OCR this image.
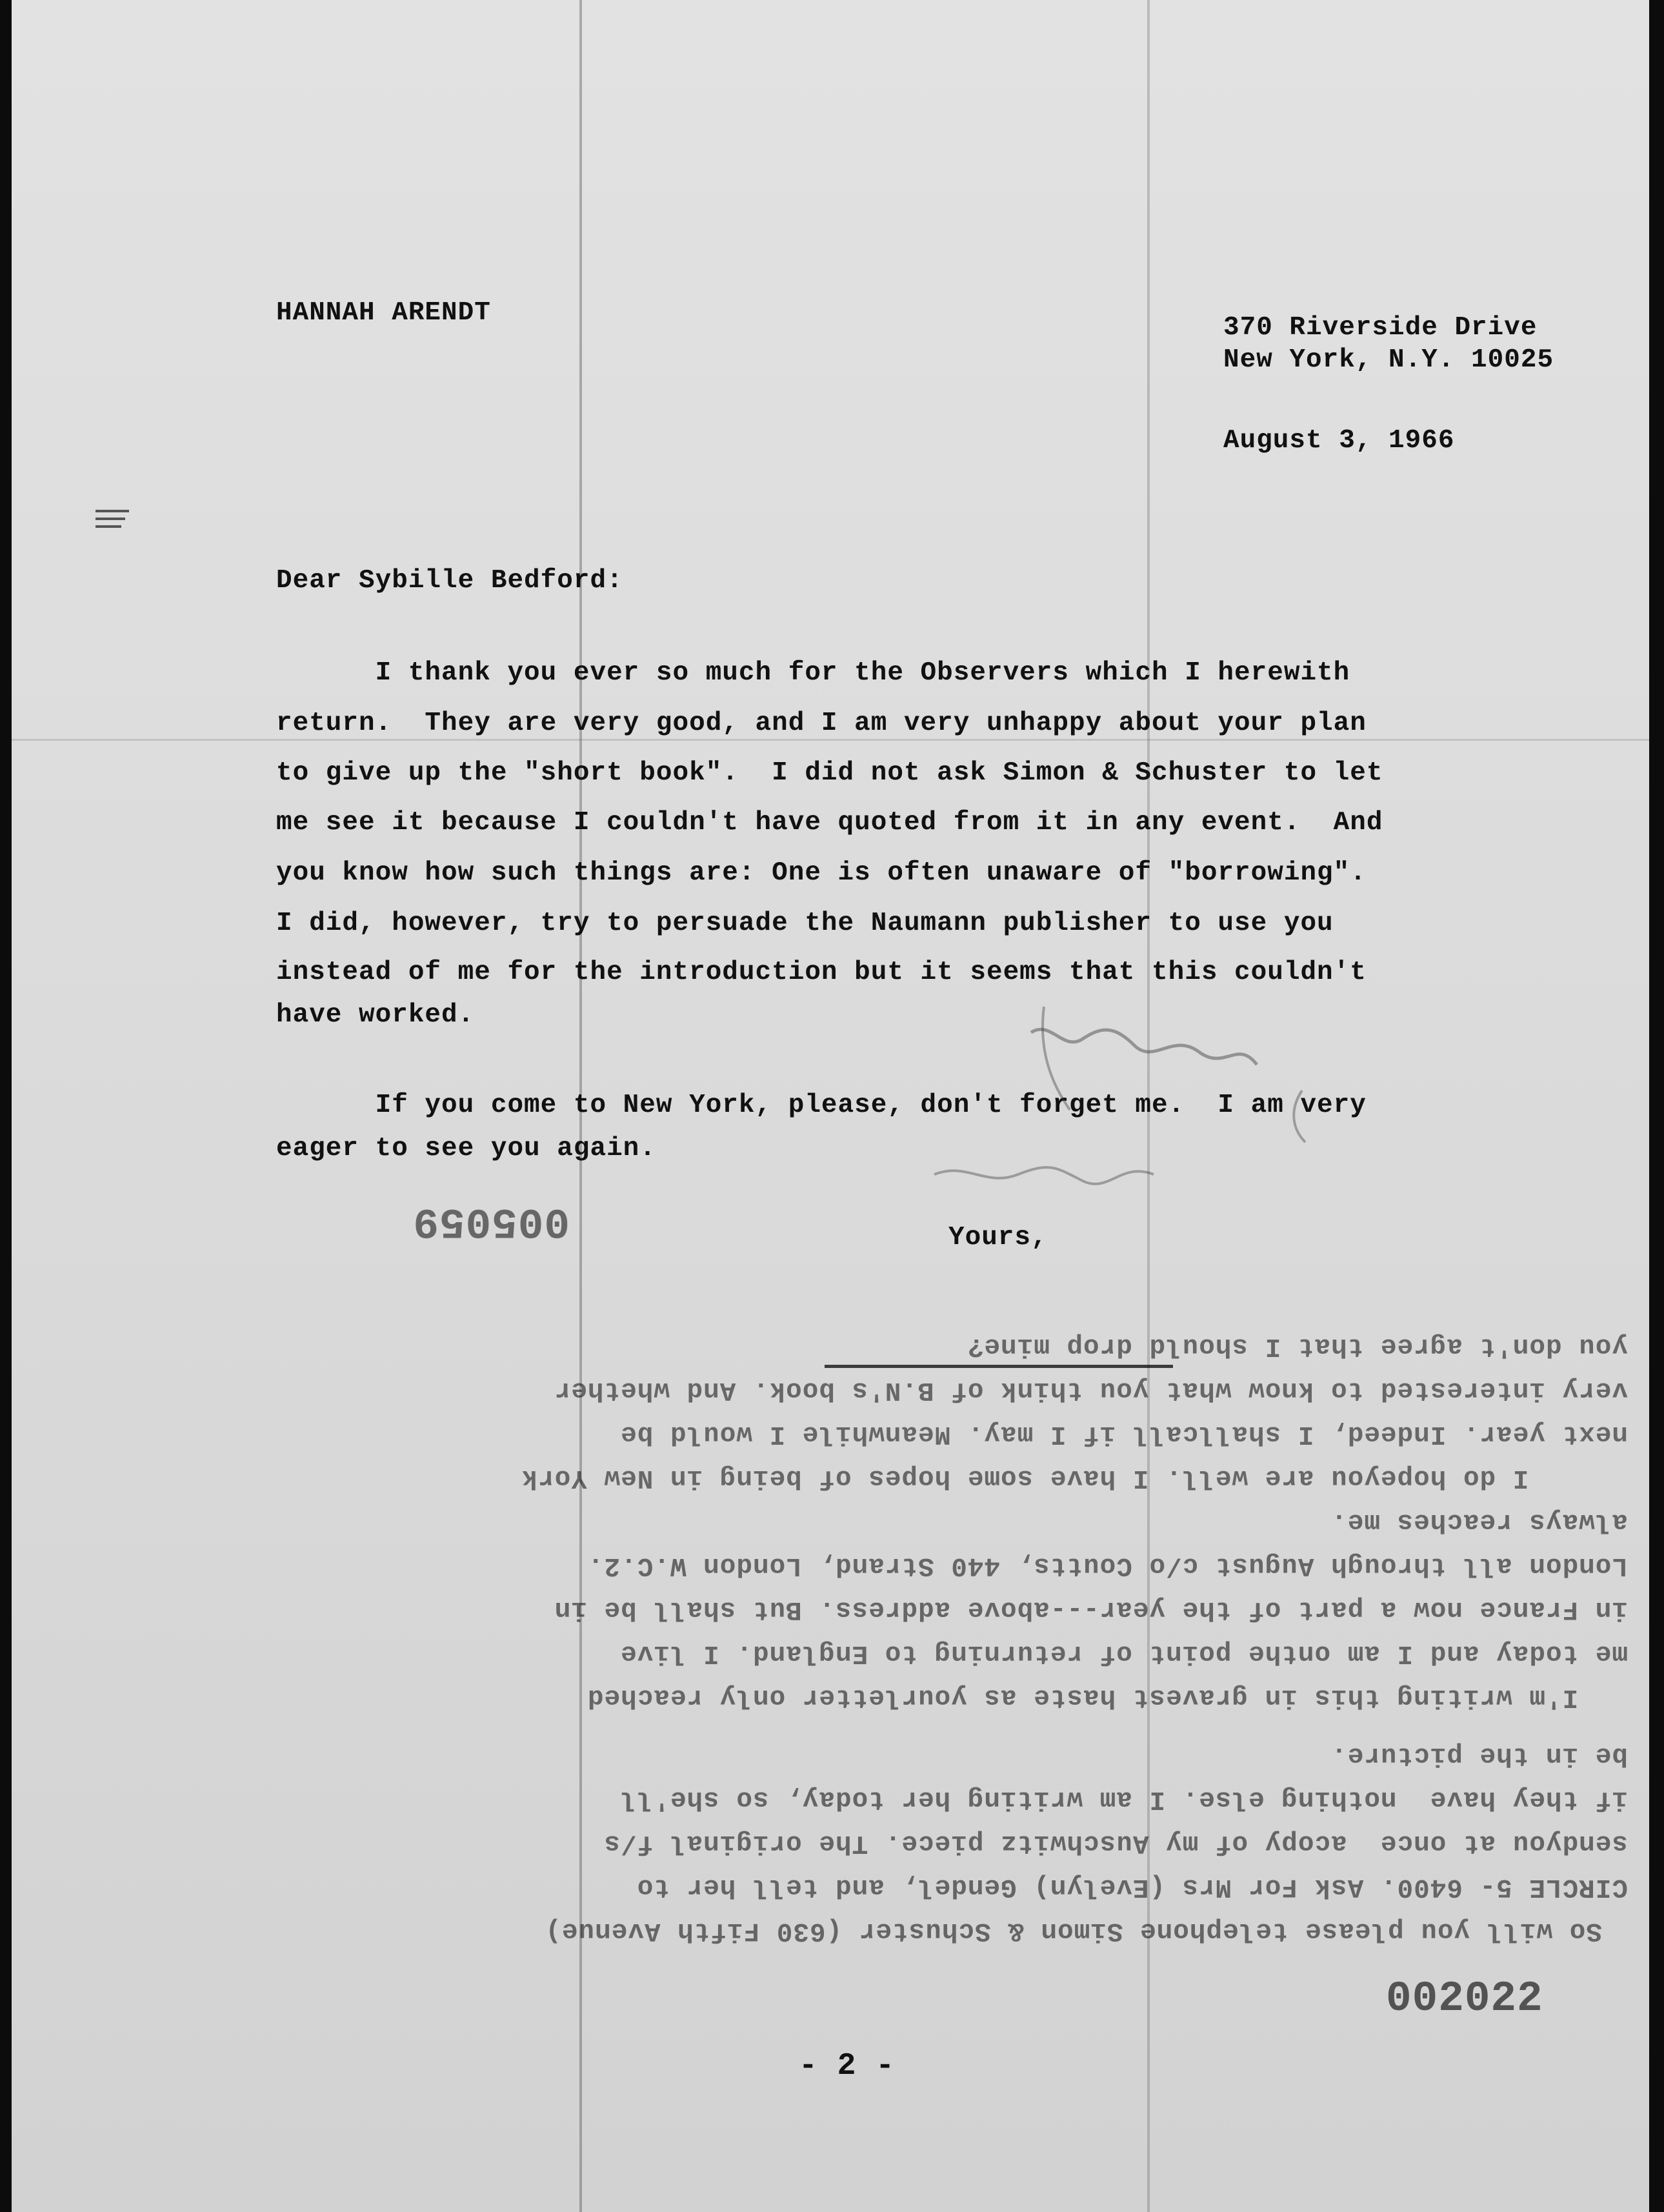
HANNAH ARENDT	370 Riverside Drive

New York, N.Y. 10025

August 3, 1966

Dear Sybille Bedford:

I thank you ever so much for the Observers which I herewith

return.  They are very good, and I am very unhappy about your plan

to give up the "short book".  I did not ask Simon & Schuster to let

me see it because I couldn't have quoted from it in any event.  And

you know how such things are: One is often unaware of "borrowing".

I did, however, try to persuade the Naumann publisher to use you

instead of me for the introduction but it seems that this couldn't

have worked.

If you come to New York, please, don't forget me.  I am very

eager to see you again.

Yours,

So will you please telephone Simon & Schuster (630 Fifth Avenue)

CIRCLE 5- 6400. Ask For Mrs (Evelyn) Gendel, and tell her to

sendyou at once  acopy of my Auschwitz piece. The original f/s

if they have  nothing else. I am writing her today, so she'll

be in the picture.

I'm writing this in gravest haste as yourletter only reached

me today and I am onthe point of returning to England. I live

in France now a part of the year---above address. But shall be in

London all through August c/o Coutts, 440 Strand, London W.C.2.

always reaches me.

I do hopeyou are well. I have some hopes of being in New York

next year. Indeed, I shallcall if I may. Meanwhile I would be

very interested to know what you think of B.N's book. And whether

you don't agree that I should drop mine?

005059

- 2 -

002022
